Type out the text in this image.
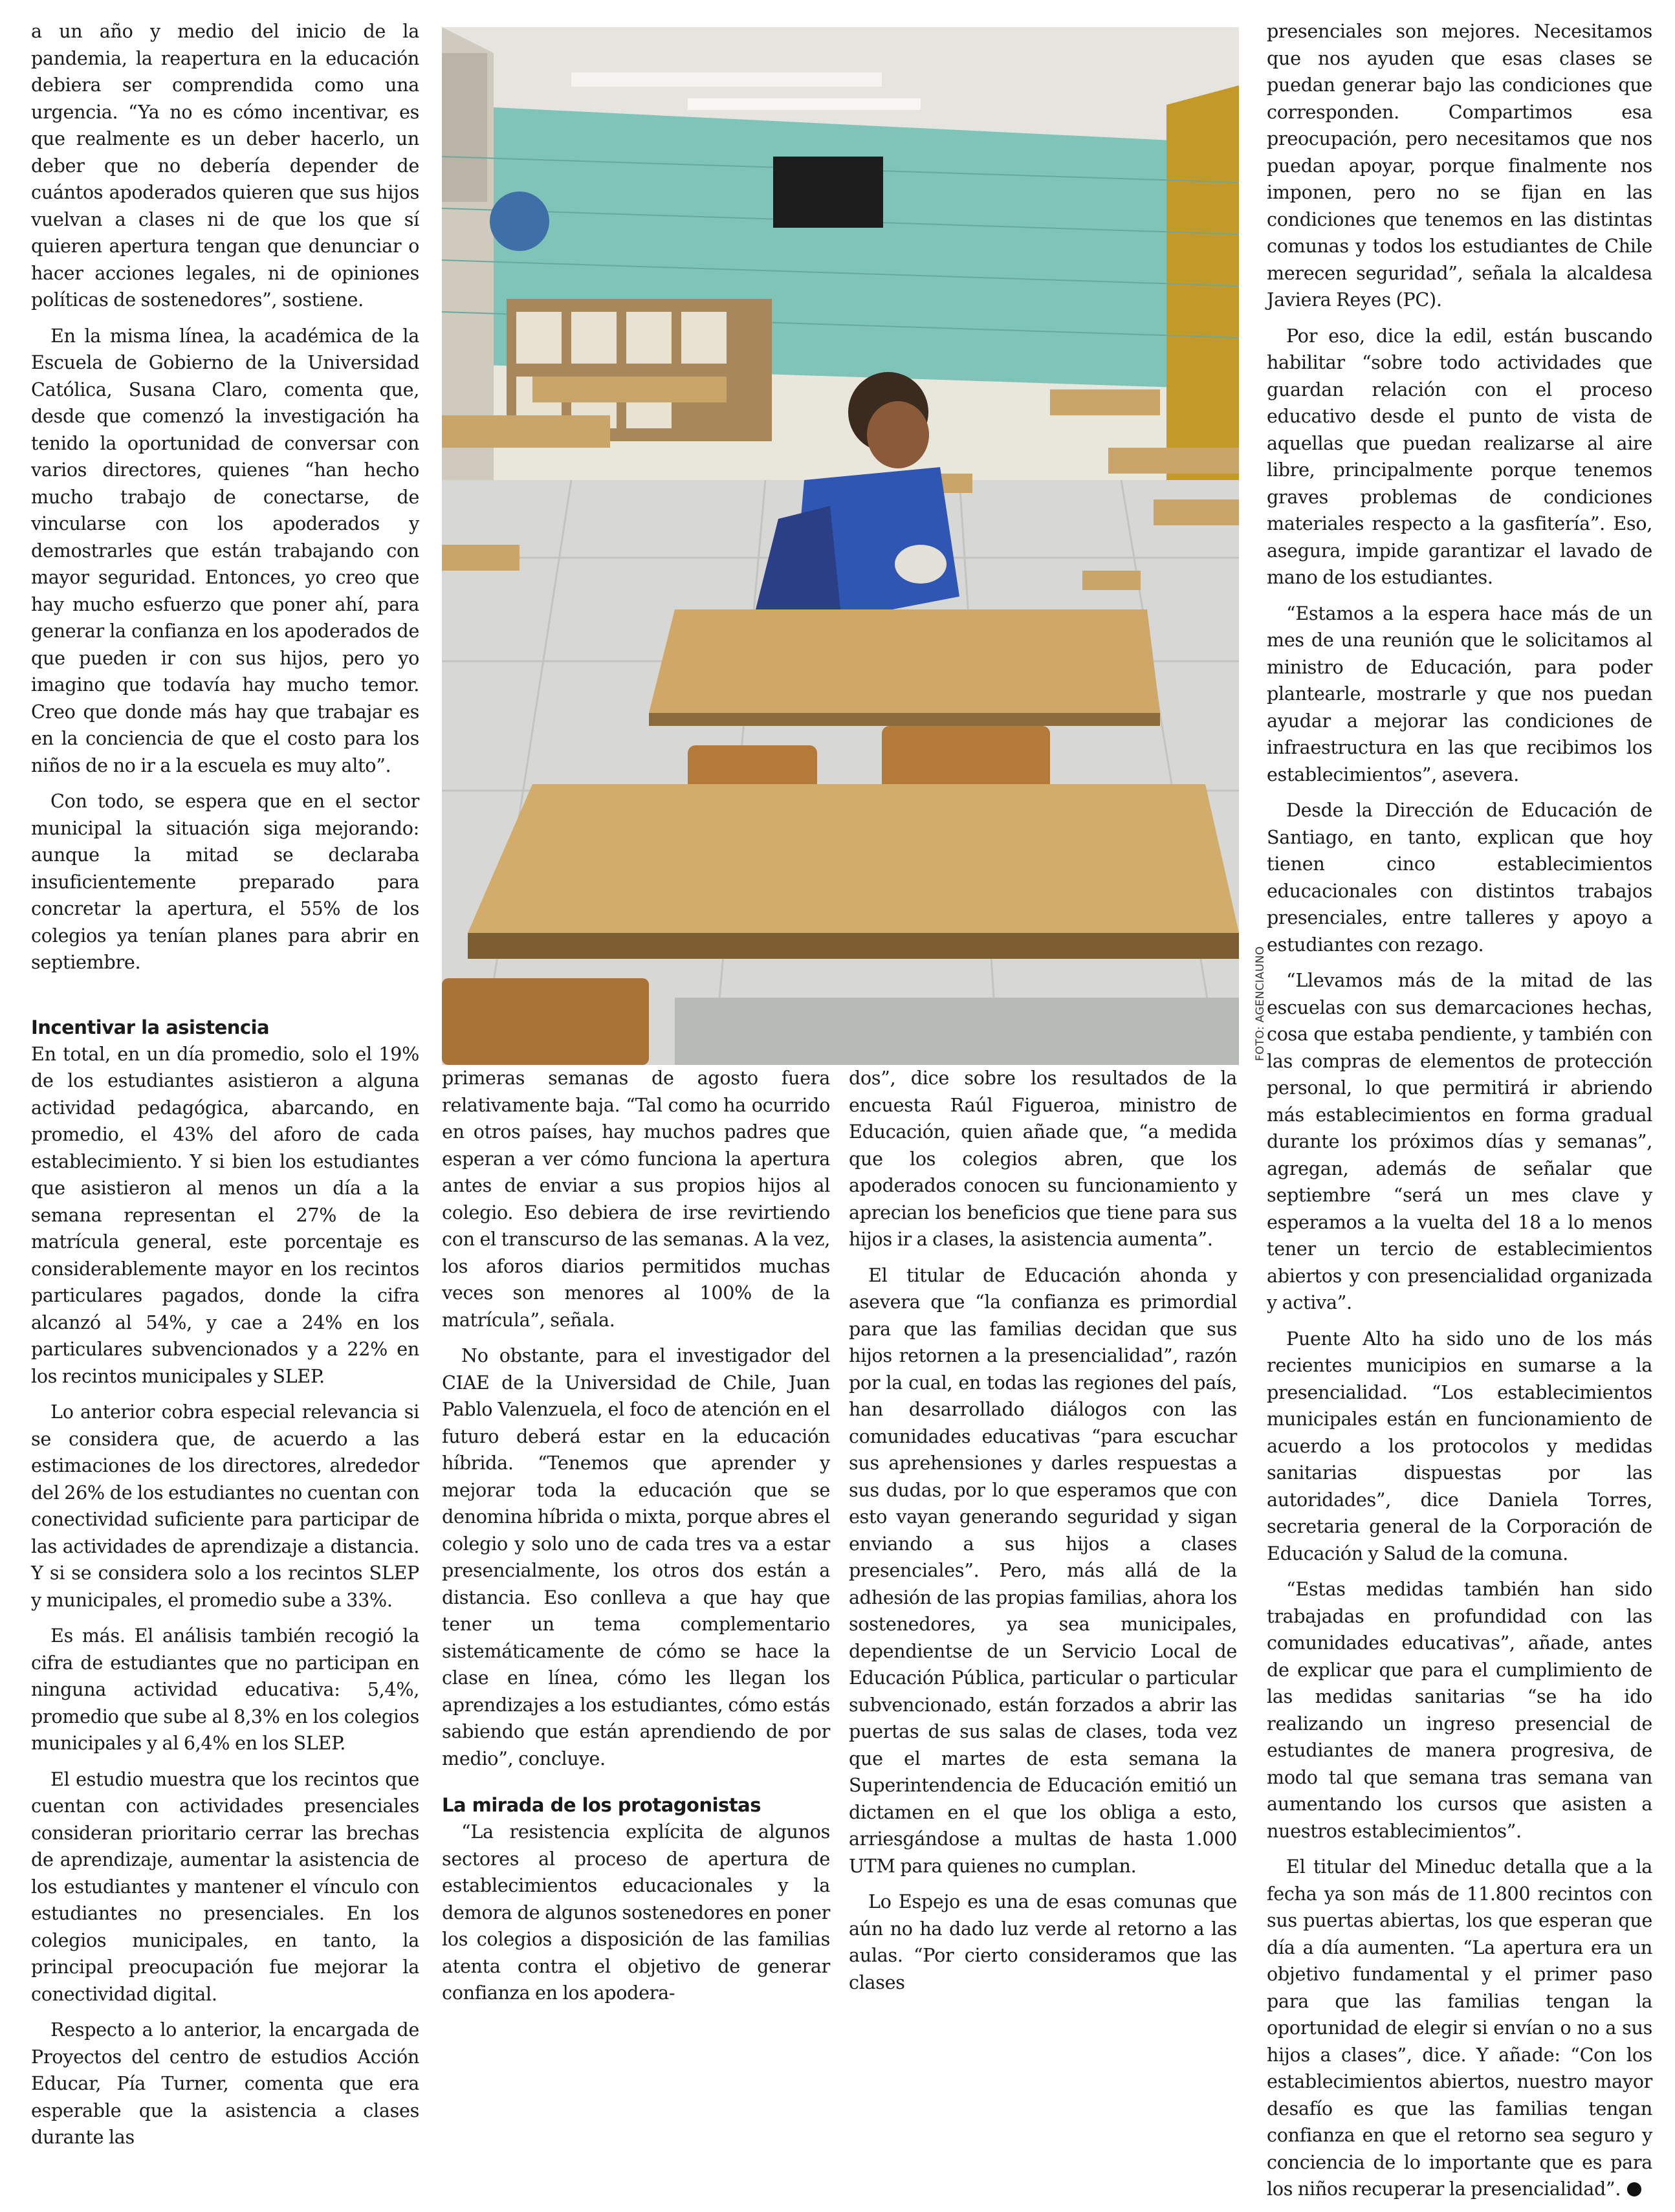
a un año y medio del inicio de la pandemia, la reapertura en la educación debiera ser comprendida como una urgencia. “Ya no es cómo incentivar, es que realmente es un deber hacerlo, un deber que no debería depender de cuántos apoderados quieren que sus hijos vuelvan a clases ni de que los que sí quieren apertura tengan que denunciar o hacer acciones legales, ni de opiniones políticas de sostenedores”, sostiene.

En la misma línea, la académica de la Escuela de Gobierno de la Universidad Católica, Susana Claro, comenta que, desde que comenzó la investigación ha tenido la oportunidad de conversar con varios directores, quienes “han hecho mucho trabajo de conectarse, de vincularse con los apoderados y demostrarles que están trabajando con mayor seguridad. Entonces, yo creo que hay mucho esfuerzo que poner ahí, para generar la confianza en los apoderados de que pueden ir con sus hijos, pero yo imagino que todavía hay mucho temor. Creo que donde más hay que trabajar es en la conciencia de que el costo para los niños de no ir a la escuela es muy alto”.

Con todo, se espera que en el sector municipal la situación siga mejorando: aunque la mitad se declaraba insuficientemente preparado para concretar la apertura, el 55% de los colegios ya tenían planes para abrir en septiembre.

Incentivar la asistencia

En total, en un día promedio, solo el 19% de los estudiantes asistieron a alguna actividad pedagógica, abarcando, en promedio, el 43% del aforo de cada establecimiento. Y si bien los estudiantes que asistieron al menos un día a la semana representan el 27% de la matrícula general, este porcentaje es considerablemente mayor en los recintos particulares pagados, donde la cifra alcanzó al 54%, y cae a 24% en los particulares subvencionados y a 22% en los recintos municipales y SLEP.

Lo anterior cobra especial relevancia si se considera que, de acuerdo a las estimaciones de los directores, alrededor del 26% de los estudiantes no cuentan con conectividad suficiente para participar de las actividades de aprendizaje a distancia. Y si se considera solo a los recintos SLEP y municipales, el promedio sube a 33%.

Es más. El análisis también recogió la cifra de estudiantes que no participan en ninguna actividad educativa: 5,4%, promedio que sube al 8,3% en los colegios municipales y al 6,4% en los SLEP.

El estudio muestra que los recintos que cuentan con actividades presenciales consideran prioritario cerrar las brechas de aprendizaje, aumentar la asistencia de los estudiantes y mantener el vínculo con estudiantes no presenciales. En los colegios municipales, en tanto, la principal preocupación fue mejorar la conectividad digital.

Respecto a lo anterior, la encargada de Proyectos del centro de estudios Acción Educar, Pía Turner, comenta que era esperable que la asistencia a clases durante las

FOTO: AGENCIAUNO

primeras semanas de agosto fuera relativamente baja. “Tal como ha ocurrido en otros países, hay muchos padres que esperan a ver cómo funciona la apertura antes de enviar a sus propios hijos al colegio. Eso debiera de irse revirtiendo con el transcurso de las semanas. A la vez, los aforos diarios permitidos muchas veces son menores al 100% de la matrícula”, señala.

No obstante, para el investigador del CIAE de la Universidad de Chile, Juan Pablo Valenzuela, el foco de atención en el futuro deberá estar en la educación híbrida. “Tenemos que aprender y mejorar toda la educación que se denomina híbrida o mixta, porque abres el colegio y solo uno de cada tres va a estar presencialmente, los otros dos están a distancia. Eso conlleva a que hay que tener un tema complementario sistemáticamente de cómo se hace la clase en línea, cómo les llegan los aprendizajes a los estudiantes, cómo estás sabiendo que están aprendiendo de por medio”, concluye.

La mirada de los protagonistas

“La resistencia explícita de algunos sectores al proceso de apertura de establecimientos educacionales y la demora de algunos sostenedores en poner los colegios a disposición de las familias atenta contra el objetivo de generar confianza en los apodera-

dos”, dice sobre los resultados de la encuesta Raúl Figueroa, ministro de Educación, quien añade que, “a medida que los colegios abren, que los apoderados conocen su funcionamiento y aprecian los beneficios que tiene para sus hijos ir a clases, la asistencia aumenta”.

El titular de Educación ahonda y asevera que “la confianza es primordial para que las familias decidan que sus hijos retornen a la presencialidad”, razón por la cual, en todas las regiones del país, han desarrollado diálogos con las comunidades educativas “para escuchar sus aprehensiones y darles respuestas a sus dudas, por lo que esperamos que con esto vayan generando seguridad y sigan enviando a sus hijos a clases presenciales”. Pero, más allá de la adhesión de las propias familias, ahora los sostenedores, ya sea municipales, dependientse de un Servicio Local de Educación Pública, particular o particular subvencionado, están forzados a abrir las puertas de sus salas de clases, toda vez que el martes de esta semana la Superintendencia de Educación emitió un dictamen en el que los obliga a esto, arriesgándose a multas de hasta 1.000 UTM para quienes no cumplan.

Lo Espejo es una de esas comunas que aún no ha dado luz verde al retorno a las aulas. “Por cierto consideramos que las clases

presenciales son mejores. Necesitamos que nos ayuden que esas clases se puedan generar bajo las condiciones que corresponden. Compartimos esa preocupación, pero necesitamos que nos puedan apoyar, porque finalmente nos imponen, pero no se fijan en las condiciones que tenemos en las distintas comunas y todos los estudiantes de Chile merecen seguridad”, señala la alcaldesa Javiera Reyes (PC).

Por eso, dice la edil, están buscando habilitar “sobre todo actividades que guardan relación con el proceso educativo desde el punto de vista de aquellas que puedan realizarse al aire libre, principalmente porque tenemos graves problemas de condiciones materiales respecto a la gasfitería”. Eso, asegura, impide garantizar el lavado de mano de los estudiantes.

“Estamos a la espera hace más de un mes de una reunión que le solicitamos al ministro de Educación, para poder plantearle, mostrarle y que nos puedan ayudar a mejorar las condiciones de infraestructura en las que recibimos los establecimientos”, asevera.

Desde la Dirección de Educación de Santiago, en tanto, explican que hoy tienen cinco establecimientos educacionales con distintos trabajos presenciales, entre talleres y apoyo a estudiantes con rezago.

“Llevamos más de la mitad de las escuelas con sus demarcaciones hechas, cosa que estaba pendiente, y también con las compras de elementos de protección personal, lo que permitirá ir abriendo más establecimientos en forma gradual durante los próximos días y semanas”, agregan, además de señalar que septiembre “será un mes clave y esperamos a la vuelta del 18 a lo menos tener un tercio de establecimientos abiertos y con presencialidad organizada y activa”.

Puente Alto ha sido uno de los más recientes municipios en sumarse a la presencialidad. “Los establecimientos municipales están en funcionamiento de acuerdo a los protocolos y medidas sanitarias dispuestas por las autoridades”, dice Daniela Torres, secretaria general de la Corporación de Educación y Salud de la comuna.

“Estas medidas también han sido trabajadas en profundidad con las comunidades educativas”, añade, antes de explicar que para el cumplimiento de las medidas sanitarias “se ha ido realizando un ingreso presencial de estudiantes de manera progresiva, de modo tal que semana tras semana van aumentando los cursos que asisten a nuestros establecimientos”.

El titular del Mineduc detalla que a la fecha ya son más de 11.800 recintos con sus puertas abiertas, los que esperan que día a día aumenten. “La apertura era un objetivo fundamental y el primer paso para que las familias tengan la oportunidad de elegir si envían o no a sus hijos a clases”, dice. Y añade: “Con los establecimientos abiertos, nuestro mayor desafío es que las familias tengan confianza en que el retorno sea seguro y conciencia de lo importante que es para los niños recuperar la presencialidad”.
